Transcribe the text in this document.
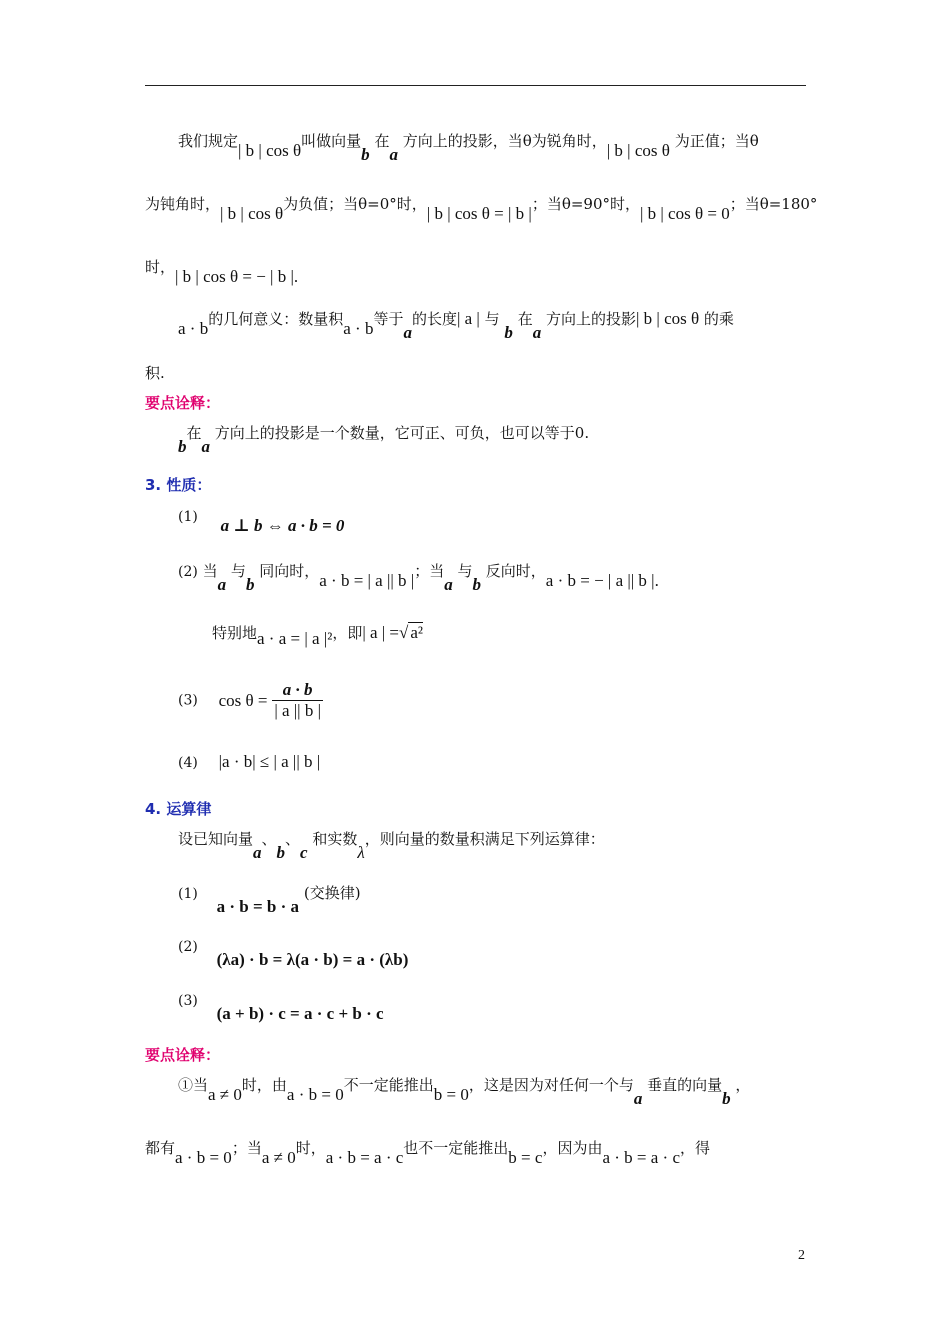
我们规定| b | cos θ叫做向量b 在a 方向上的投影，当θ为锐角时，| b | cos θ 为正值；当θ
为钝角时，| b | cos θ为负值；当θ=0°时，| b | cos θ = | b |；当θ=90°时，| b | cos θ = 0；当θ=180°
时，| b | cos θ = − | b |.
a · b的几何意义：数量积a · b等于a的长度| a | 与 b 在a 方向上的投影| b | cos θ 的乘
积.
要点诠释：
b在a 方向上的投影是一个数量，它可正、可负，也可以等于0.
3. 性质：
(1) a ⊥ b ⇔ a · b = 0
(2) 当a 与b 同向时，a · b = | a || b |；当a 与b 反向时，a · b = − | a || b |.
特别地a · a = | a |²，即| a | =√ a²
(3) $\cos \theta = \frac{a \cdot b}{| a || b |}$
(4) |a · b| ≤ | a || b |
4. 运算律
设已知向量a、b、c 和实数λ，则向量的数量积满足下列运算律：
(1) a · b = b · a (交换律)
(2) (λa) · b = λ(a · b) = a · (λb)
(3) (a + b) · c = a · c + b · c
要点诠释：
①当a ≠ 0时，由a · b = 0不一定能推出b = 0，这是因为对任何一个与a 垂直的向量b ，
都有a · b = 0；当a ≠ 0时，a · b = a · c也不一定能推出b = c，因为由a · b = a · c，得
2
